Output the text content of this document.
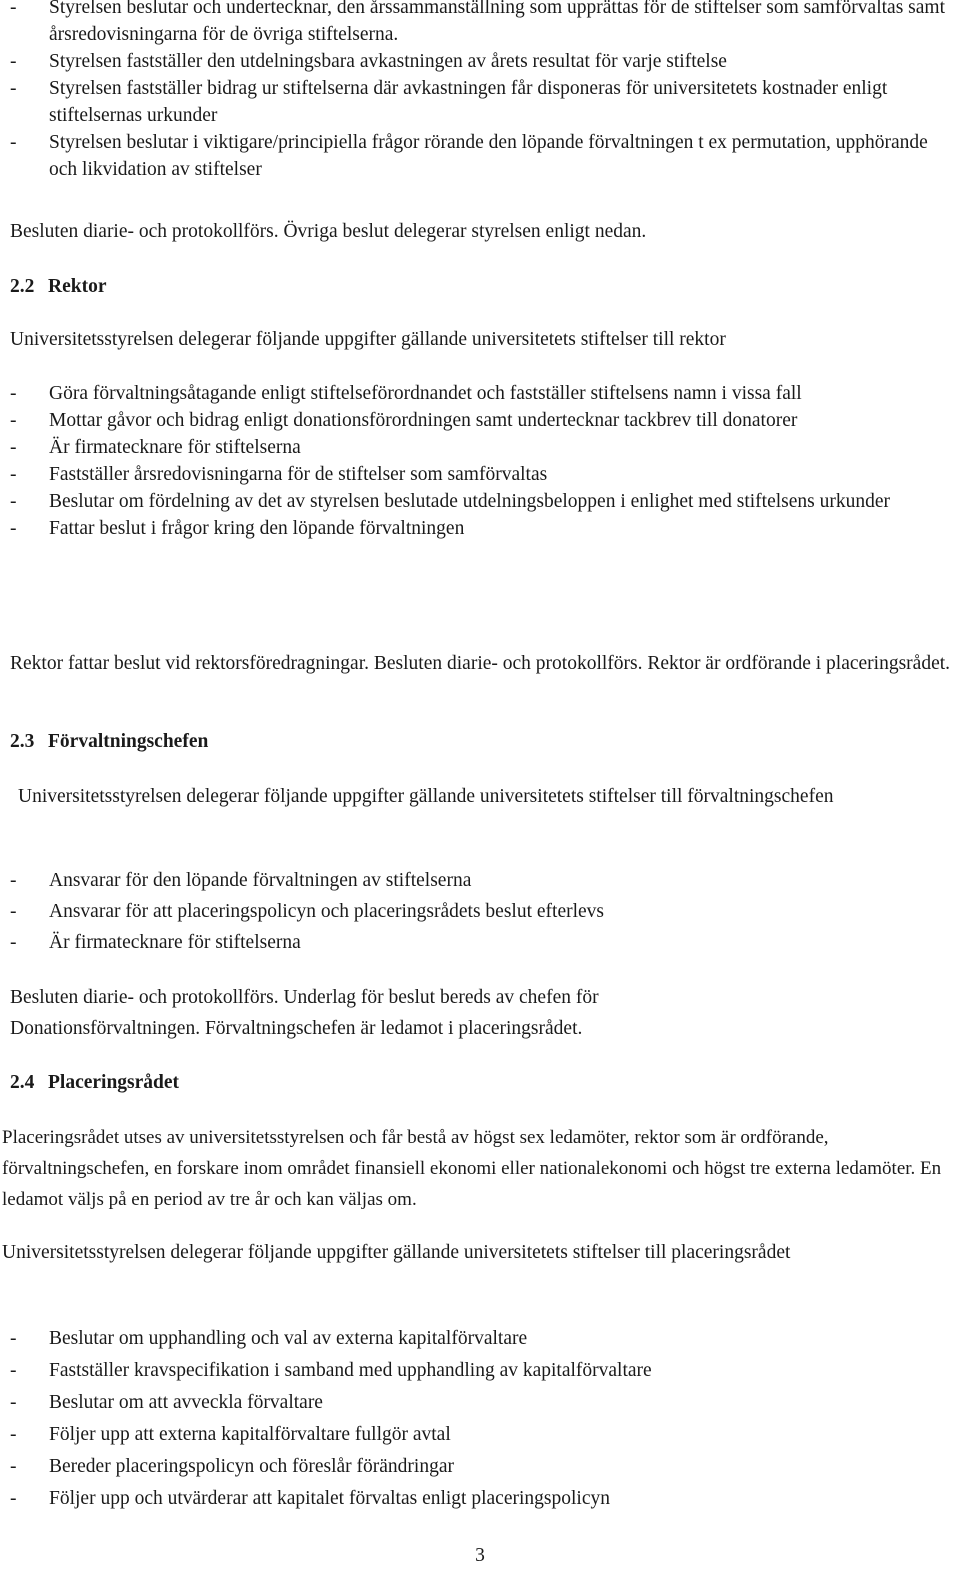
- Styrelsen beslutar och undertecknar, den årssammanställning som upprättas för de stiftelser som samförvaltas samt årsredovisningarna för de övriga stiftelserna.
- Styrelsen fastställer den utdelningsbara avkastningen av årets resultat för varje stiftelse
- Styrelsen fastställer bidrag ur stiftelserna där avkastningen får disponeras för universitetets kostnader enligt stiftelsernas urkunder
- Styrelsen beslutar i viktigare/principiella frågor rörande den löpande förvaltningen t ex permutation, upphörande och likvidation av stiftelser
Besluten diarie- och protokollförs. Övriga beslut delegerar styrelsen enligt nedan.
2.2 Rektor
Universitetsstyrelsen delegerar följande uppgifter gällande universitetets stiftelser till rektor
- Göra förvaltningsåtagande enligt stiftelseförordnandet och fastställer stiftelsens namn i vissa fall
- Mottar gåvor och bidrag enligt donationsförordningen samt undertecknar tackbrev till donatorer
- Är firmatecknare för stiftelserna
- Fastställer årsredovisningarna för de stiftelser som samförvaltas
- Beslutar om fördelning av det av styrelsen beslutade utdelningsbeloppen i enlighet med stiftelsens urkunder
- Fattar beslut i frågor kring den löpande förvaltningen
Rektor fattar beslut vid rektorsföredragningar. Besluten diarie- och protokollförs. Rektor är ordförande i placeringsrådet.
2.3 Förvaltningschefen
Universitetsstyrelsen delegerar följande uppgifter gällande universitetets stiftelser till förvaltningschefen
- Ansvarar för den löpande förvaltningen av stiftelserna
- Ansvarar för att placeringspolicyn och placeringsrådets beslut efterlevs
- Är firmatecknare för stiftelserna
Besluten diarie- och protokollförs. Underlag för beslut bereds av chefen för Donationsförvaltningen. Förvaltningschefen är ledamot i placeringsrådet.
2.4 Placeringsrådet
Placeringsrådet utses av universitetsstyrelsen och får bestå av högst sex ledamöter, rektor som är ordförande, förvaltningschefen, en forskare inom området finansiell ekonomi eller nationalekonomi och högst tre externa ledamöter. En ledamot väljs på en period av tre år och kan väljas om.
Universitetsstyrelsen delegerar följande uppgifter gällande universitetets stiftelser till placeringsrådet
- Beslutar om upphandling och val av externa kapitalförvaltare
- Fastställer kravspecifikation i samband med upphandling av kapitalförvaltare
- Beslutar om att avveckla förvaltare
- Följer upp att externa kapitalförvaltare fullgör avtal
- Bereder placeringspolicyn och föreslår förändringar
- Följer upp och utvärderar att kapitalet förvaltas enligt placeringspolicyn
3
